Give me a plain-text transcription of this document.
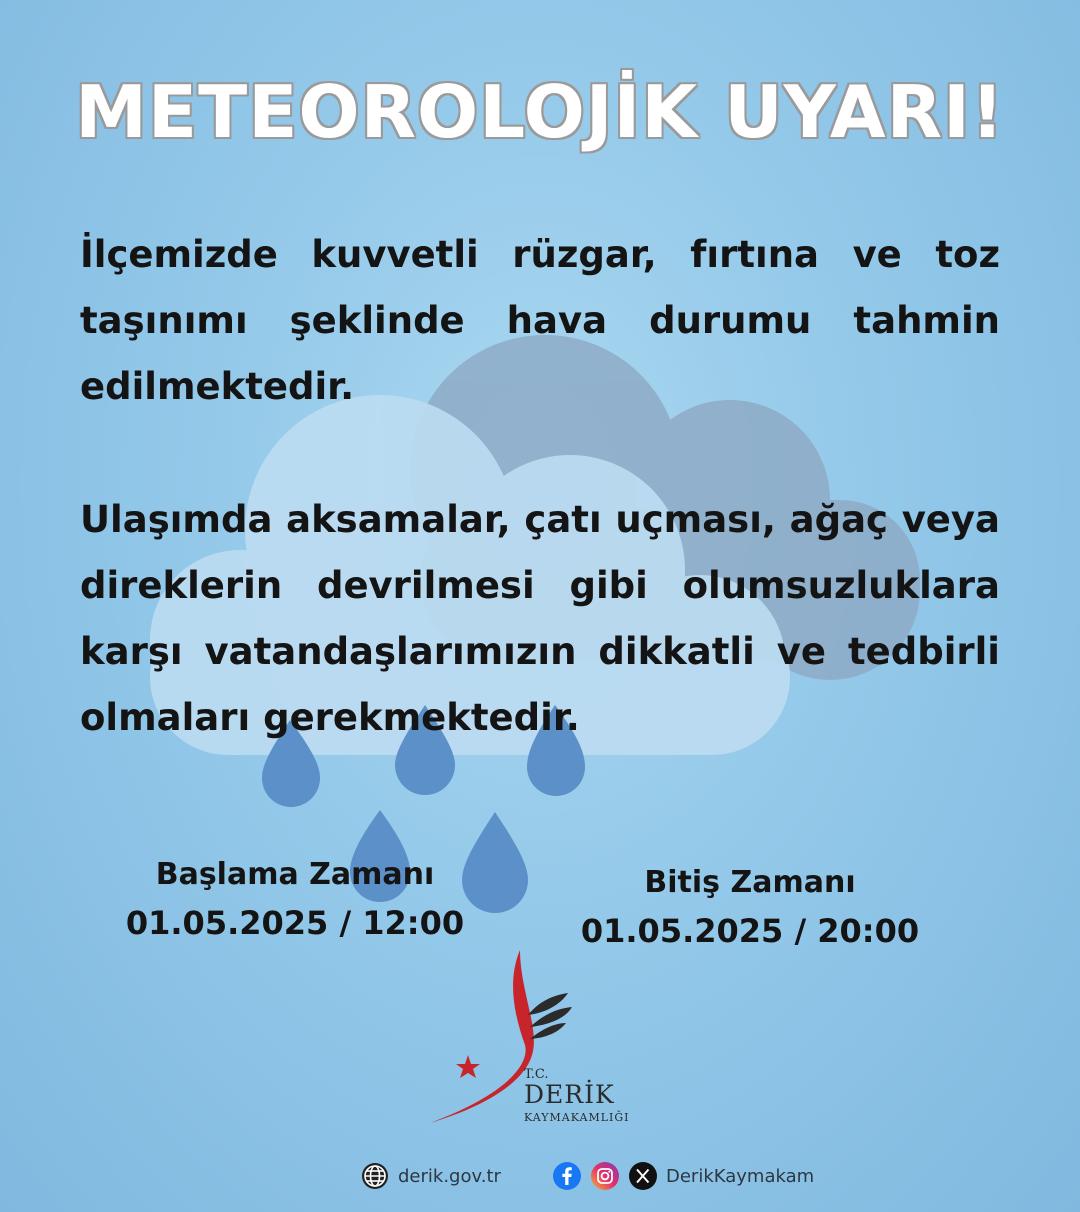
METEOROLOJİK UYARI!
İlçemizde kuvvetli rüzgar, fırtına ve toz taşınımı şeklinde hava durumu tahmin edilmektedir.
Ulaşımda aksamalar, çatı uçması, ağaç veya direklerin devrilmesi gibi olumsuzluklara karşı vatandaşlarımızın dikkatli ve tedbirli olmaları gerekmektedir.
Başlama Zamanı
01.05.2025 / 12:00
Bitiş Zamanı
01.05.2025 / 20:00
T.C.
DERİK
KAYMAKAMLIĞI
derik.gov.tr	DerikKaymakam
